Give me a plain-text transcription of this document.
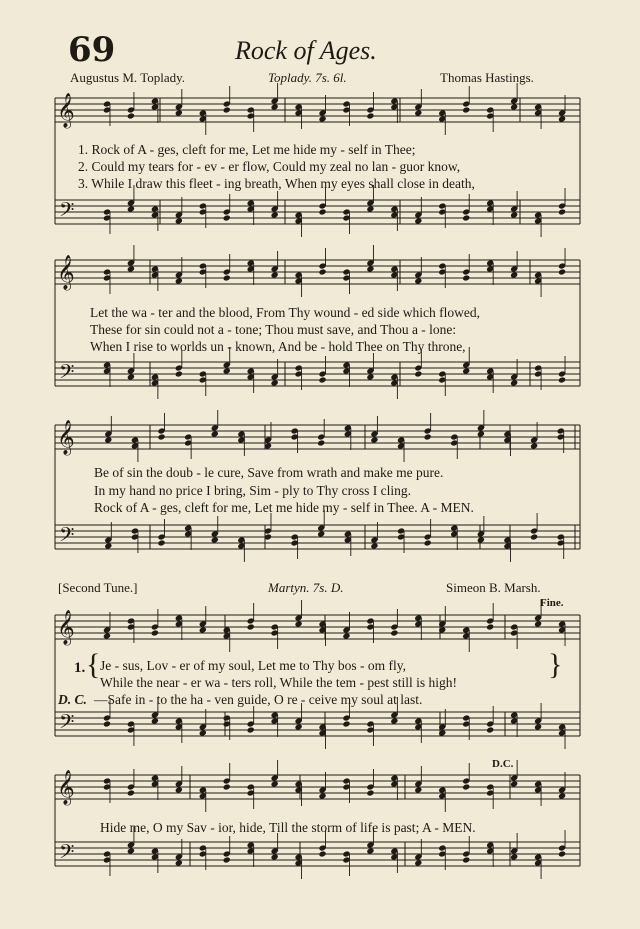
69	Rock of Ages.
Augustus M. Toplady.	Toplady. 7s. 6l.	Thomas Hastings.
𝄞
𝄢
𝄞
𝄢
𝄞
𝄢
𝄞
𝄢
𝄞
𝄢
1. Rock of A - ges, cleft for me, Let me hide my - self in Thee;
2. Could my tears for - ev - er flow, Could my zeal no lan - guor know,
3. While I draw this fleet - ing breath, When my eyes shall close in death,
Let the wa - ter and the blood, From Thy wound - ed side which flowed,
These for sin could not a - tone; Thou must save, and Thou a - lone:
When I rise to worlds un - known, And be - hold Thee on Thy throne,
Be of sin the doub - le cure, Save from wrath and make me pure.
In my hand no price I bring, Sim - ply to Thy cross I cling.
Rock of A - ges, cleft for me, Let me hide my - self in Thee. A - MEN.
[Second Tune.]	Martyn. 7s. D.	Simeon B. Marsh.
Fine.
1. { Je - sus, Lov - er of my soul, Let me to Thy bos - om fly,
While the near - er wa - ters roll, While the tem - pest still is high!
}
D. C. —Safe in - to the ha - ven guide, O re - ceive my soul at last.
D.C.
Hide me, O my Sav - ior, hide, Till the storm of life is past; A - MEN.
